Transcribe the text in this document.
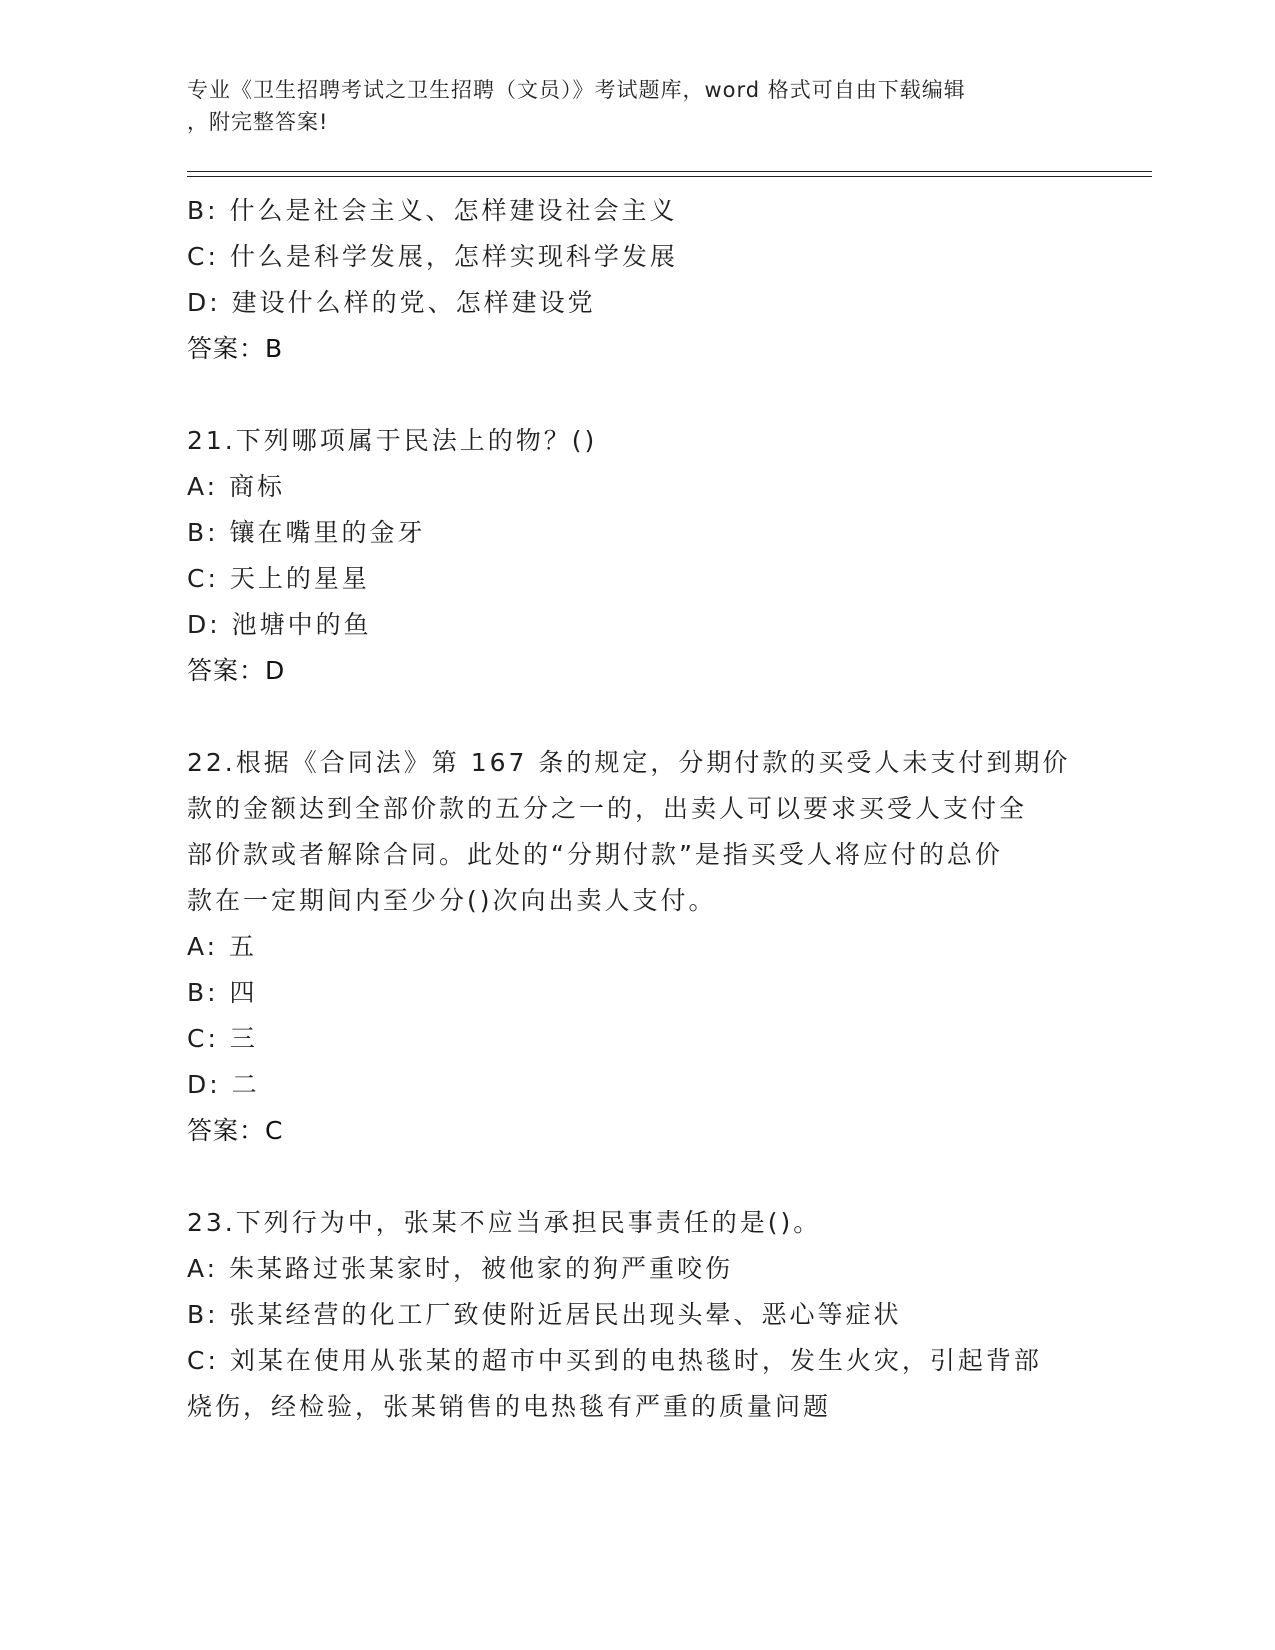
专业《卫生招聘考试之卫生招聘（文员）》考试题库，word 格式可自由下载编辑
，附完整答案!
B: 什么是社会主义、怎样建设社会主义
C: 什么是科学发展，怎样实现科学发展
D: 建设什么样的党、怎样建设党
答案：B
21.下列哪项属于民法上的物？()
A: 商标
B: 镶在嘴里的金牙
C: 天上的星星
D: 池塘中的鱼
答案：D
22.根据《合同法》第 167 条的规定，分期付款的买受人未支付到期价
款的金额达到全部价款的五分之一的，出卖人可以要求买受人支付全
部价款或者解除合同。此处的“分期付款”是指买受人将应付的总价
款在一定期间内至少分()次向出卖人支付。
A: 五
B: 四
C: 三
D: 二
答案：C
23.下列行为中，张某不应当承担民事责任的是()。
A: 朱某路过张某家时，被他家的狗严重咬伤
B: 张某经营的化工厂致使附近居民出现头晕、恶心等症状
C: 刘某在使用从张某的超市中买到的电热毯时，发生火灾，引起背部
烧伤，经检验，张某销售的电热毯有严重的质量问题
